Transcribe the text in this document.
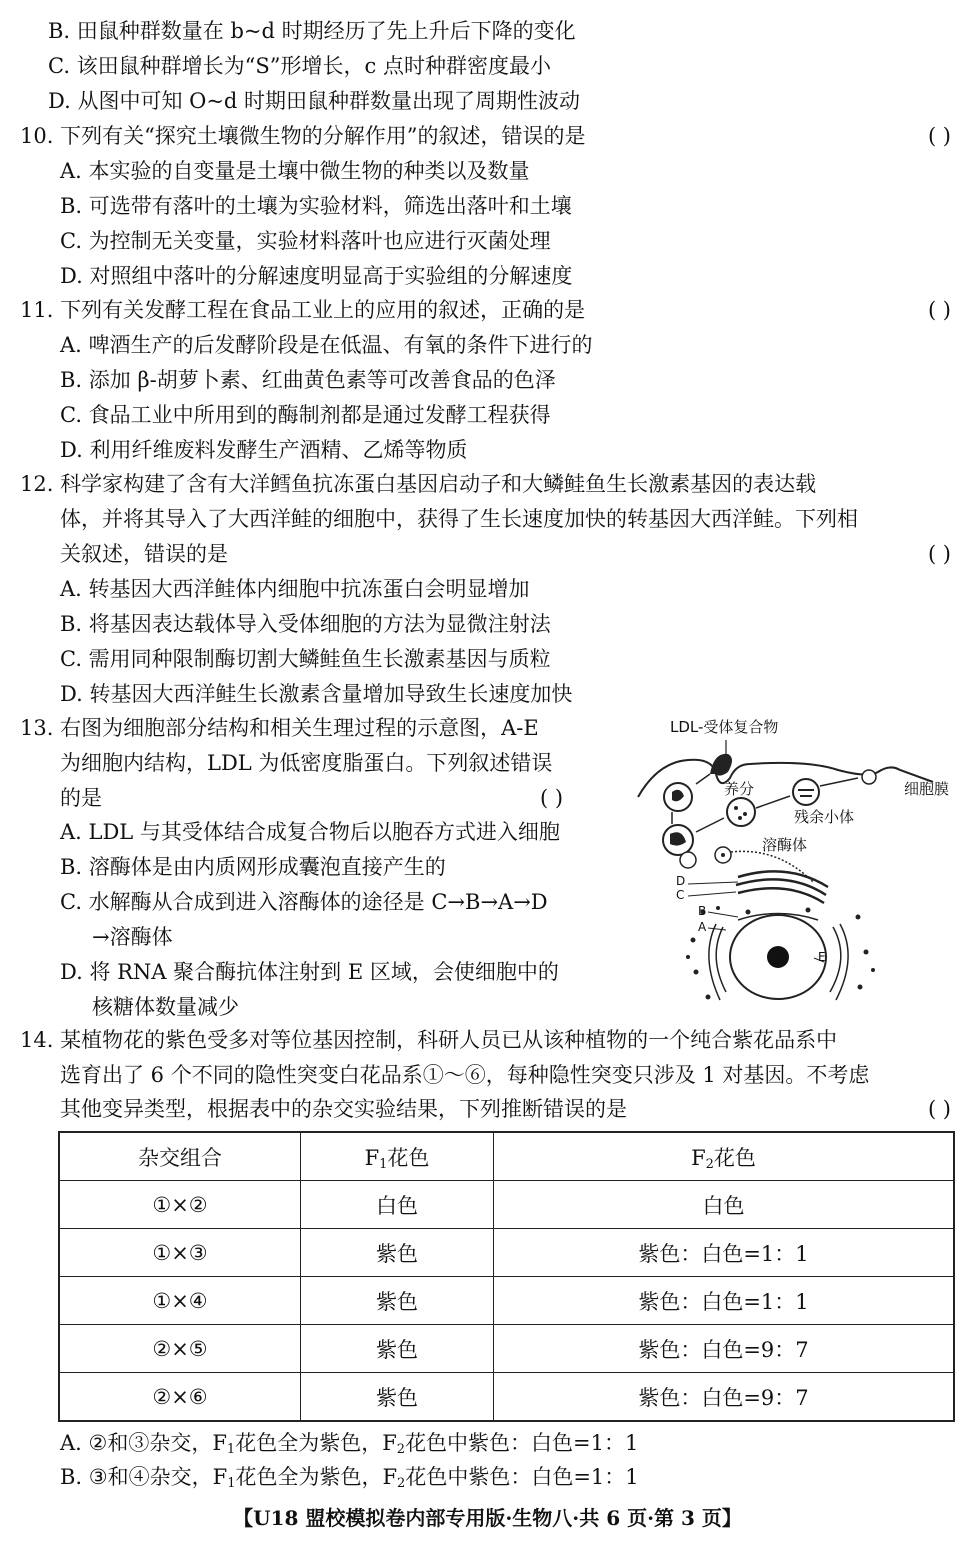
B. 田鼠种群数量在 b~d 时期经历了先上升后下降的变化
C. 该田鼠种群增长为“S”形增长，c 点时种群密度最小
D. 从图中可知 O~d 时期田鼠种群数量出现了周期性波动
10. 下列有关“探究土壤微生物的分解作用”的叙述，错误的是	( )
A. 本实验的自变量是土壤中微生物的种类以及数量
B. 可选带有落叶的土壤为实验材料，筛选出落叶和土壤
C. 为控制无关变量，实验材料落叶也应进行灭菌处理
D. 对照组中落叶的分解速度明显高于实验组的分解速度
11. 下列有关发酵工程在食品工业上的应用的叙述，正确的是	( )
A. 啤酒生产的后发酵阶段是在低温、有氧的条件下进行的
B. 添加 β-胡萝卜素、红曲黄色素等可改善食品的色泽
C. 食品工业中所用到的酶制剂都是通过发酵工程获得
D. 利用纤维废料发酵生产酒精、乙烯等物质
12. 科学家构建了含有大洋鳕鱼抗冻蛋白基因启动子和大鳞鲑鱼生长激素基因的表达载
体，并将其导入了大西洋鲑的细胞中，获得了生长速度加快的转基因大西洋鲑。下列相
关叙述，错误的是	( )
A. 转基因大西洋鲑体内细胞中抗冻蛋白会明显增加
B. 将基因表达载体导入受体细胞的方法为显微注射法
C. 需用同种限制酶切割大鳞鲑鱼生长激素基因与质粒
D. 转基因大西洋鲑生长激素含量增加导致生长速度加快
13. 右图为细胞部分结构和相关生理过程的示意图，A-E
为细胞内结构，LDL 为低密度脂蛋白。下列叙述错误
的是	( )
A. LDL 与其受体结合成复合物后以胞吞方式进入细胞
B. 溶酶体是由内质网形成囊泡直接产生的
C. 水解酶从合成到进入溶酶体的途径是 C→B→A→D
→溶酶体
D. 将 RNA 聚合酶抗体注射到 E 区域，会使细胞中的
核糖体数量减少
LDL-受体复合物
养分
残余小体
细胞膜
溶酶体
D
C
B
A
E
14. 某植物花的紫色受多对等位基因控制，科研人员已从该种植物的一个纯合紫花品系中
选育出了 6 个不同的隐性突变白花品系①～⑥，每种隐性突变只涉及 1 对基因。不考虑
其他变异类型，根据表中的杂交实验结果，下列推断错误的是	( )
杂交组合	$F_1$花色	$F_2$花色
①×②	白色	白色
①×③	紫色	紫色：白色=1：1
①×④	紫色	紫色：白色=1：1
②×⑤	紫色	紫色：白色=9：7
②×⑥	紫色	紫色：白色=9：7
A. ②和③杂交，$F_1$花色全为紫色，$F_2$花色中紫色：白色=1：1
B. ③和④杂交，$F_1$花色全为紫色，$F_2$花色中紫色：白色=1：1
【U18 盟校模拟卷内部专用版·生物八·共 6 页·第 3 页】
